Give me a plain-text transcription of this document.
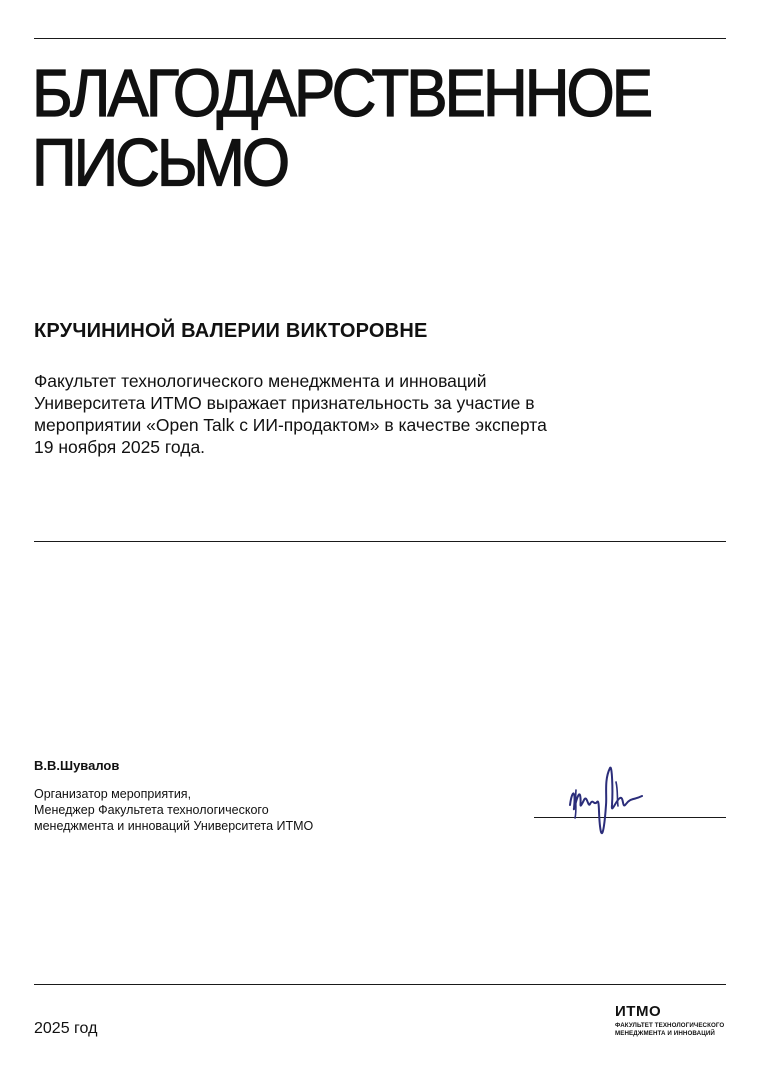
БЛАГОДАРСТВЕННОЕ
ПИСЬМО

КРУЧИНИНОЙ ВАЛЕРИИ ВИКТОРОВНЕ

Факультет технологического менеджмента и инноваций
Университета ИТМО выражает признательность за участие в
мероприятии «Open Talk с ИИ-продактом» в качестве эксперта
19 ноября 2025 года.

В.В.Шувалов

Организатор мероприятия,
Менеджер Факультета технологического
менеджмента и инноваций Университета ИТМО

2025 год

ИТМО
ФАКУЛЬТЕТ ТЕХНОЛОГИЧЕСКОГО
МЕНЕДЖМЕНТА И ИННОВАЦИЙ
